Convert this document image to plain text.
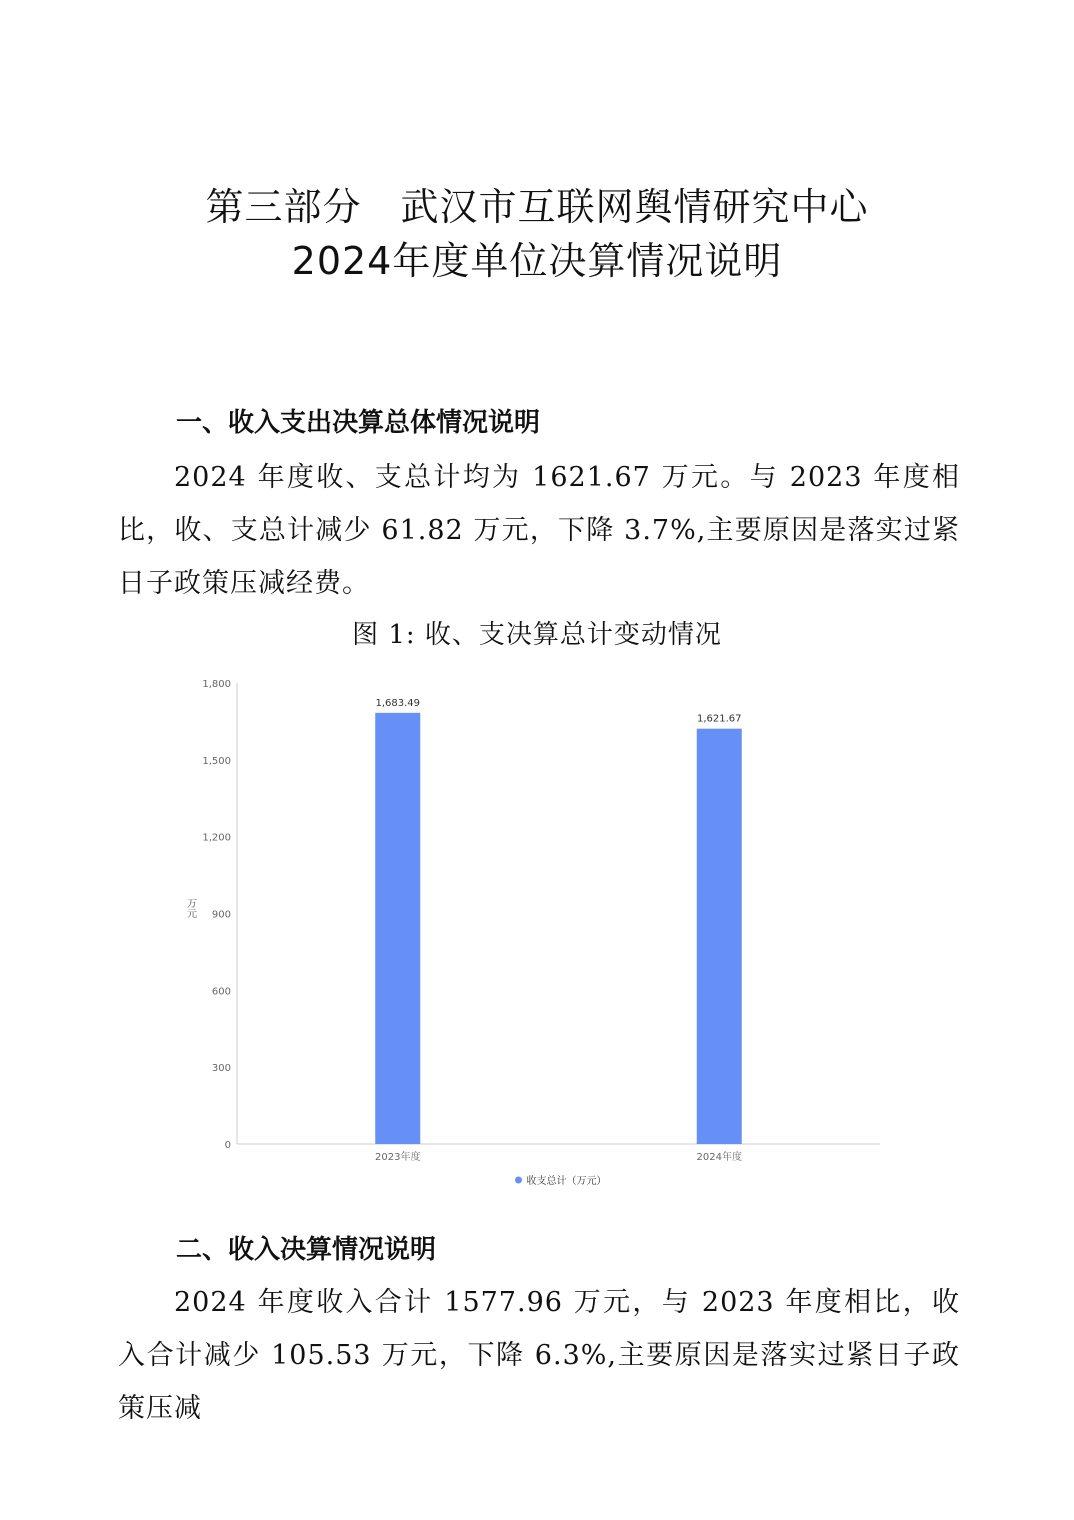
第三部分　武汉市互联网舆情研究中心
2024年度单位决算情况说明
一、收入支出决算总体情况说明

2024 年度收、支总计均为 1621.67 万元。与 2023 年度相比，收、支总计减少 61.82 万元，下降 3.7%,主要原因是落实过紧日子政策压减经费。

图 1: 收、支决算总计变动情况
0
300
600
900
1,200
1,500
1,800
万元
1,683.49
2023年度
1,621.67
2024年度
收支总计（万元）
二、收入决算情况说明

2024 年度收入合计 1577.96 万元，与 2023 年度相比，收入合计减少 105.53 万元，下降 6.3%,主要原因是落实过紧日子政策压减
